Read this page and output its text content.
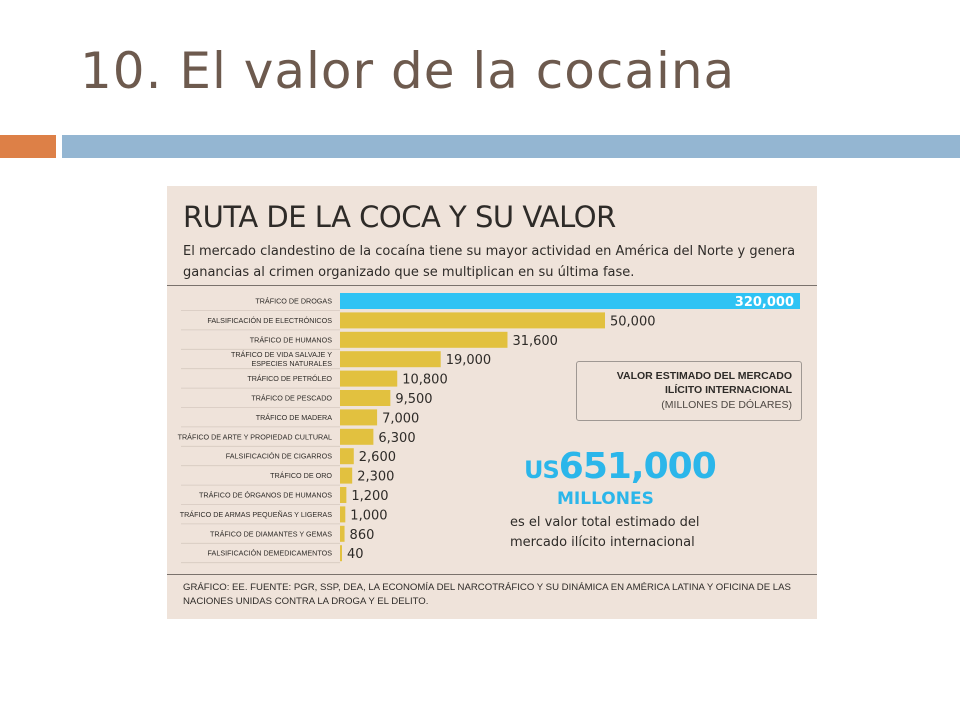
10. El valor de la cocaina
RUTA DE LA COCA Y SU VALOR
El mercado clandestino de la cocaína tiene su mayor actividad en América del Norte y genera ganancias al crimen organizado que se multiplican en su última fase.
TRÁFICO DE DROGAS	320,000
FALSIFICACIÓN DE ELECTRÓNICOS	50,000
TRÁFICO DE HUMANOS	31,600
TRÁFICO DE VIDA SALVAJE Y ESPECIES NATURALES	19,000
TRÁFICO DE PETRÓLEO	10,800
TRÁFICO DE PESCADO	9,500
TRÁFICO DE MADERA	7,000
TRÁFICO DE ARTE Y PROPIEDAD CULTURAL	6,300
FALSIFICACIÓN DE CIGARROS 2,600
TRÁFICO DE ORO 2,300
TRÁFICO DE ÓRGANOS DE HUMANOS 1,200
TRÁFICO DE ARMAS PEQUEÑAS Y LIGERAS 1,000
TRÁFICO DE DIAMANTES Y GEMAS 860
FALSIFICACIÓN DEMEDICAMENTOS 40
VALOR ESTIMADO DEL MERCADO
ILÍCITO INTERNACIONAL
(MILLONES DE DÓLARES)
US651,000
MILLONES
es el valor total estimado del mercado ilícito internacional
GRÁFICO: EE. FUENTE: PGR, SSP, DEA, LA ECONOMÍA DEL NARCOTRÁFICO Y SU DINÁMICA EN AMÉRICA LATINA Y OFICINA DE LAS NACIONES UNIDAS CONTRA LA DROGA Y EL DELITO.
